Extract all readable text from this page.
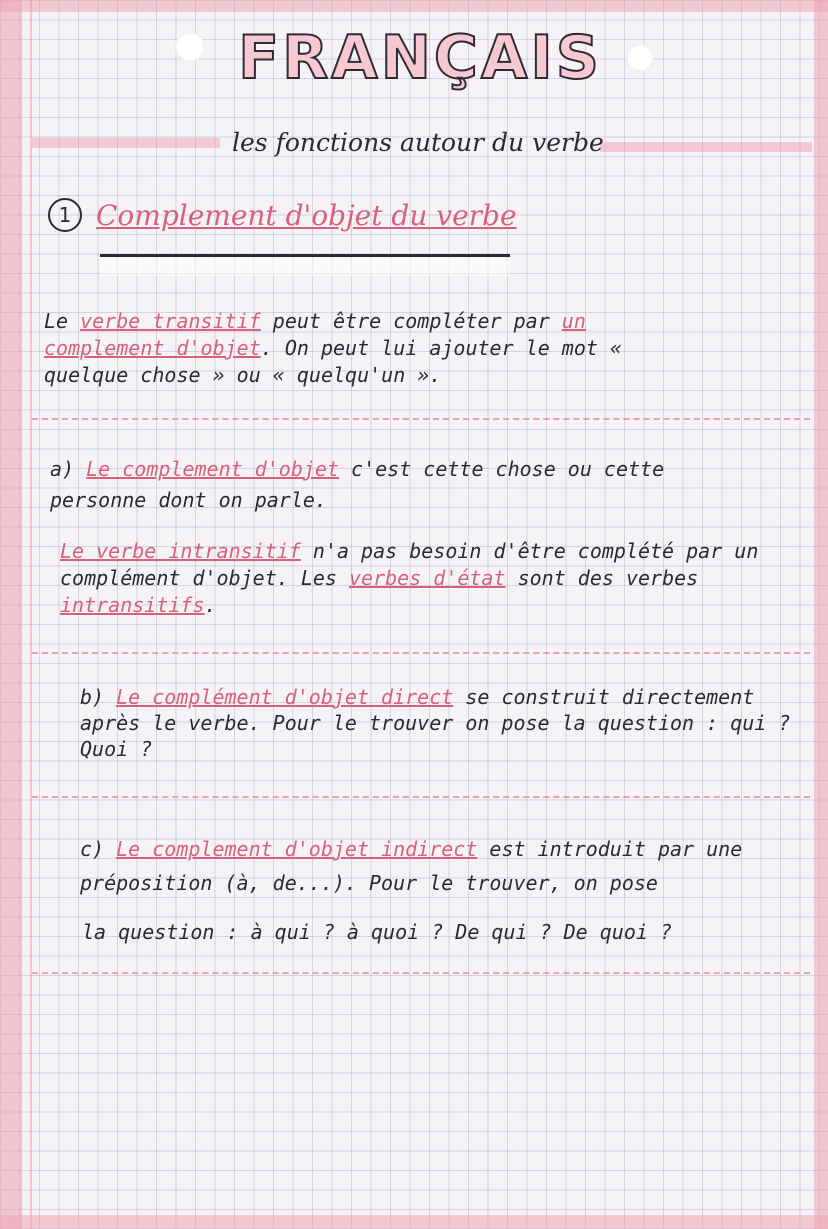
FRANÇAIS

les fonctions autour du verbe

1 Complement d'objet du verbe

Le verbe transitif peut être compléter par un complement d'objet. On peut lui ajouter le mot « quelque chose » ou « quelqu'un ».

a) Le complement d'objet c'est cette chose ou cette personne dont on parle.

Le verbe intransitif n'a pas besoin d'être complété par un complément d'objet. Les verbes d'état sont des verbes intransitifs.

b) Le complément d'objet direct se construit directement après le verbe. Pour le trouver on pose la question : qui ? Quoi ?

c) Le complement d'objet indirect est introduit par une préposition (à, de...). Pour le trouver, on pose

la question : à qui ? à quoi ? De qui ? De quoi ?
